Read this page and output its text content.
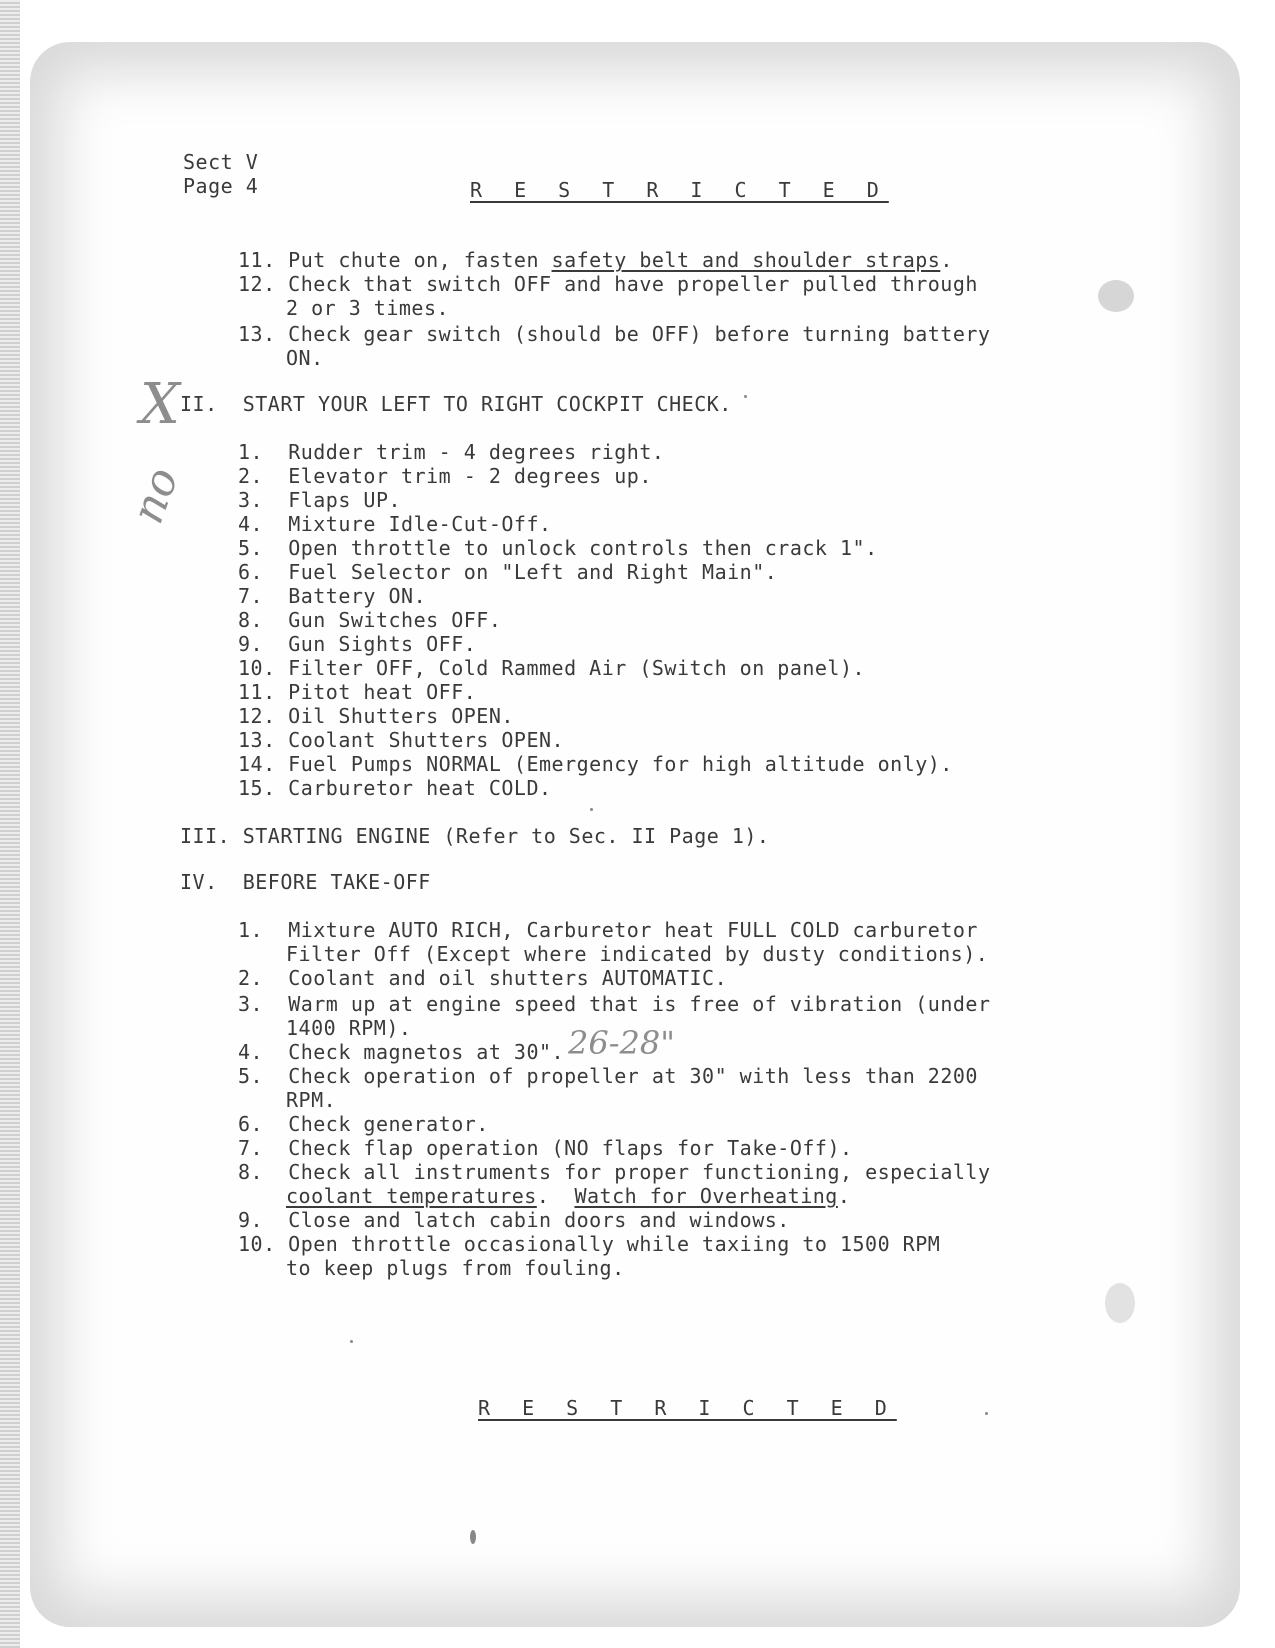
Sect V
Page 4	R E S T R I C T E D
11. Put chute on, fasten safety belt and shoulder straps.
12. Check that switch OFF and have propeller pulled through
2 or 3 times.
13. Check gear switch (should be OFF) before turning battery
ON.
X
no
II. START YOUR LEFT TO RIGHT COCKPIT CHECK.
1. Rudder trim - 4 degrees right.
2. Elevator trim - 2 degrees up.
3. Flaps UP.
4. Mixture Idle-Cut-Off.
5. Open throttle to unlock controls then crack 1".
6. Fuel Selector on "Left and Right Main".
7. Battery ON.
8. Gun Switches OFF.
9. Gun Sights OFF.
10. Filter OFF, Cold Rammed Air (Switch on panel).
11. Pitot heat OFF.
12. Oil Shutters OPEN.
13. Coolant Shutters OPEN.
14. Fuel Pumps NORMAL (Emergency for high altitude only).
15. Carburetor heat COLD.
III. STARTING ENGINE (Refer to Sec. II Page 1).
IV. BEFORE TAKE-OFF
1. Mixture AUTO RICH, Carburetor heat FULL COLD carburetor
Filter Off (Except where indicated by dusty conditions).
2. Coolant and oil shutters AUTOMATIC.
3. Warm up at engine speed that is free of vibration (under
1400 RPM).
4. Check magnetos at 30". 26-28"
5. Check operation of propeller at 30" with less than 2200
RPM.
6. Check generator.
7. Check flap operation (NO flaps for Take-Off).
8. Check all instruments for proper functioning, especially
coolant temperatures.  Watch for Overheating.
9. Close and latch cabin doors and windows.
10. Open throttle occasionally while taxiing to 1500 RPM
to keep plugs from fouling.
R E S T R I C T E D
